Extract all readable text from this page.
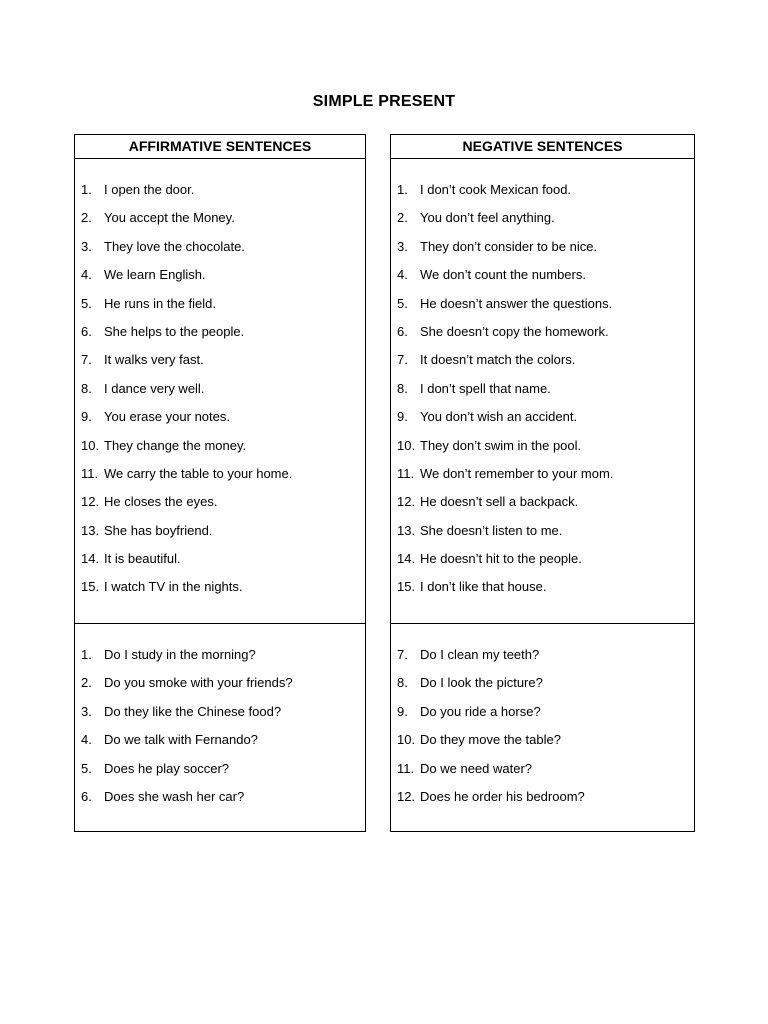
SIMPLE PRESENT
AFFIRMATIVE SENTENCES
1. I open the door.
2. You accept the Money.
3. They love the chocolate.
4. We learn English.
5. He runs in the field.
6. She helps to the people.
7. It walks very fast.
8. I dance very well.
9. You erase your notes.
10. They change the money.
11. We carry the table to your home.
12. He closes the eyes.
13. She has boyfriend.
14. It is beautiful.
15. I watch TV in the nights.
1. Do I study in the morning?
2. Do you smoke with your friends?
3. Do they like the Chinese food?
4. Do we talk with Fernando?
5. Does he play soccer?
6. Does she wash her car?
NEGATIVE SENTENCES
1. I don’t cook Mexican food.
2. You don’t feel anything.
3. They don’t consider to be nice.
4. We don’t count the numbers.
5. He doesn’t answer the questions.
6. She doesn’t copy the homework.
7. It doesn’t match the colors.
8. I don’t spell that name.
9. You don’t wish an accident.
10. They don’t swim in the pool.
11. We don’t remember to your mom.
12. He doesn’t sell a backpack.
13. She doesn’t listen to me.
14. He doesn’t hit to the people.
15. I don’t like that house.
7. Do I clean my teeth?
8. Do I look the picture?
9. Do you ride a horse?
10. Do they move the table?
11. Do we need water?
12. Does he order his bedroom?
